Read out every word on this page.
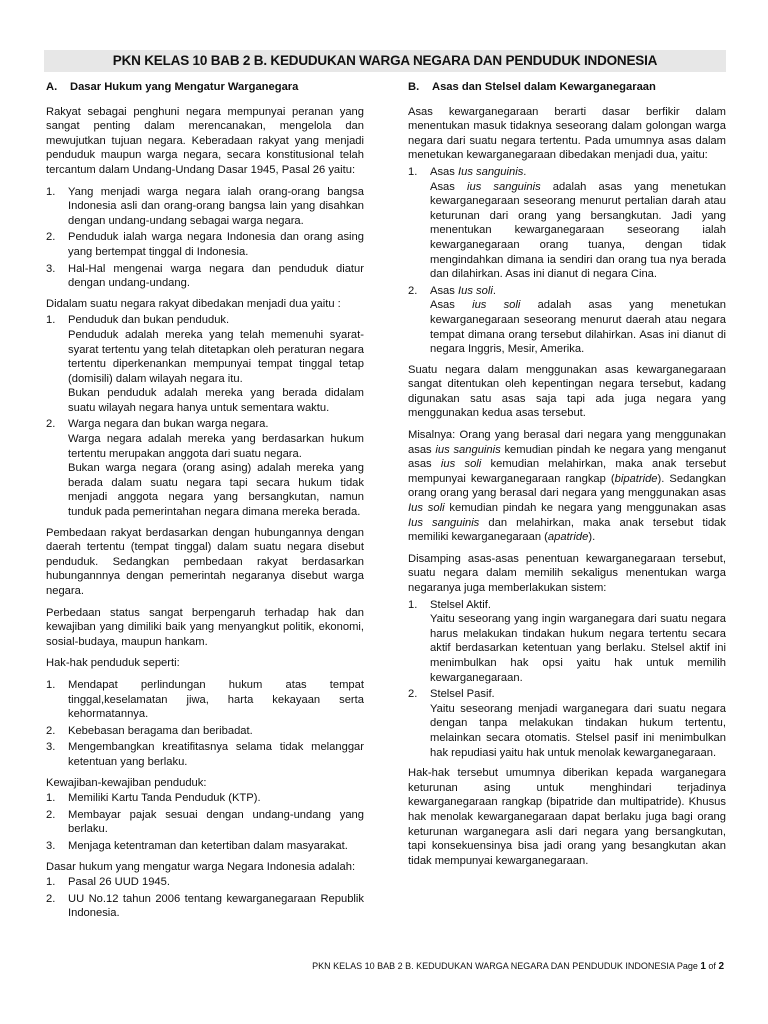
PKN KELAS 10 BAB 2 B. KEDUDUKAN WARGA NEGARA DAN PENDUDUK INDONESIA
A.	Dasar Hukum yang Mengatur Warganegara

Rakyat sebagai penghuni negara mempunyai peranan yang sangat penting dalam merencanakan, mengelola dan mewujutkan tujuan negara. Keberadaan rakyat yang menjadi penduduk maupun warga negara, secara konstitusional telah tercantum dalam Undang-Undang Dasar 1945, Pasal 26 yaitu:

1.	Yang menjadi warga negara ialah orang-orang bangsa Indonesia asli dan orang-orang bangsa lain yang disahkan dengan undang-undang sebagai warga negara.
2.	Penduduk ialah warga negara Indonesia dan orang asing yang bertempat tinggal di Indonesia.
3.	Hal-Hal mengenai warga negara dan penduduk diatur dengan undang-undang.

Didalam suatu negara rakyat dibedakan menjadi dua yaitu :

1.	Penduduk dan bukan penduduk.
Penduduk adalah mereka yang telah memenuhi syarat-syarat tertentu yang telah ditetapkan oleh peraturan negara tertentu diperkenankan mempunyai tempat tinggal tetap (domisili) dalam wilayah negara itu.
Bukan penduduk adalah mereka yang berada didalam suatu wilayah negara hanya untuk sementara waktu.
2.	Warga negara dan bukan warga negara.
Warga negara adalah mereka yang berdasarkan hukum tertentu merupakan anggota dari suatu negara.
Bukan warga negara (orang asing) adalah mereka yang berada dalam suatu negara tapi secara hukum tidak menjadi anggota negara yang bersangkutan, namun tunduk pada pemerintahan negara dimana mereka berada.

Pembedaan rakyat berdasarkan dengan hubungannya dengan daerah tertentu (tempat tinggal) dalam suatu negara disebut penduduk. Sedangkan pembedaan rakyat berdasarkan hubungannnya dengan pemerintah negaranya disebut warga negara.

Perbedaan status sangat berpengaruh terhadap hak dan kewajiban yang dimiliki baik yang menyangkut politik, ekonomi, sosial-budaya, maupun hankam.

Hak-hak penduduk seperti:

1.	Mendapat perlindungan hukum atas tempat tinggal,keselamatan jiwa, harta kekayaan serta kehormatannya.
2.	Kebebasan beragama dan beribadat.
3.	Mengembangkan kreatifitasnya selama tidak melanggar ketentuan yang berlaku.

Kewajiban-kewajiban penduduk:

1.	Memiliki Kartu Tanda Penduduk (KTP).
2.	Membayar pajak sesuai dengan undang-undang yang berlaku.
3.	Menjaga ketentraman dan ketertiban dalam masyarakat.

Dasar hukum yang mengatur warga Negara Indonesia adalah:

1.	Pasal 26 UUD 1945.
2.	UU No.12 tahun 2006 tentang kewarganegaraan Republik Indonesia.
B.	Asas dan Stelsel dalam Kewarganegaraan

Asas kewarganegaraan berarti dasar berfikir dalam menentukan masuk tidaknya seseorang dalam golongan warga negara dari suatu negara tertentu. Pada umumnya asas dalam menetukan kewarganegaraan dibedakan menjadi dua, yaitu:

1.	Asas Ius sanguinis.
Asas ius sanguinis adalah asas yang menetukan kewarganegaraan seseorang menurut pertalian darah atau keturunan dari orang yang bersangkutan. Jadi yang menentukan kewarganegaraan seseorang ialah kewarganegaraan orang tuanya, dengan tidak mengindahkan dimana ia sendiri dan orang tua nya berada dan dilahirkan. Asas ini dianut di negara Cina.
2.	Asas Ius soli.
Asas ius soli adalah asas yang menetukan kewarganegaraan seseorang menurut daerah atau negara tempat dimana orang tersebut dilahirkan. Asas ini dianut di negara Inggris, Mesir, Amerika.

Suatu negara dalam menggunakan asas kewarganegaraan sangat ditentukan oleh kepentingan negara tersebut, kadang digunakan satu asas saja tapi ada juga negara yang menggunakan kedua asas tersebut.

Misalnya: Orang yang berasal dari negara yang menggunakan asas ius sanguinis kemudian pindah ke negara yang menganut asas ius soli kemudian melahirkan, maka anak tersebut mempunyai kewarganegaraan rangkap (bipatride). Sedangkan orang orang yang berasal dari negara yang menggunakan asas Ius soli kemudian pindah ke negara yang menggunakan asas Ius sanguinis dan melahirkan, maka anak tersebut tidak memiliki kewarganegaraan (apatride).

Disamping asas-asas penentuan kewarganegaraan tersebut, suatu negara dalam memilih sekaligus menentukan warga negaranya juga memberlakukan sistem:

1.	Stelsel Aktif.
Yaitu seseorang yang ingin warganegara dari suatu negara harus melakukan tindakan hukum negara tertentu secara aktif berdasarkan ketentuan yang berlaku. Stelsel aktif ini menimbulkan hak opsi yaitu hak untuk memilih kewarganegaraan.
2.	Stelsel Pasif.
Yaitu seseorang menjadi warganegara dari suatu negara dengan tanpa melakukan tindakan hukum tertentu, melainkan secara otomatis. Stelsel pasif ini menimbulkan hak repudiasi yaitu hak untuk menolak kewarganegaraan.

Hak-hak tersebut umumnya diberikan kepada warganegara keturunan asing untuk menghindari terjadinya kewarganegaraan rangkap (bipatride dan multipatride). Khusus hak menolak kewarganegaraan dapat berlaku juga bagi orang keturunan warganegara asli dari negara yang bersangkutan, tapi konsekuensinya bisa jadi orang yang besangkutan akan tidak mempunyai kewarganegaraan.

PKN KELAS 10 BAB 2 B. KEDUDUKAN WARGA NEGARA DAN PENDUDUK INDONESIA Page 1 of 2
